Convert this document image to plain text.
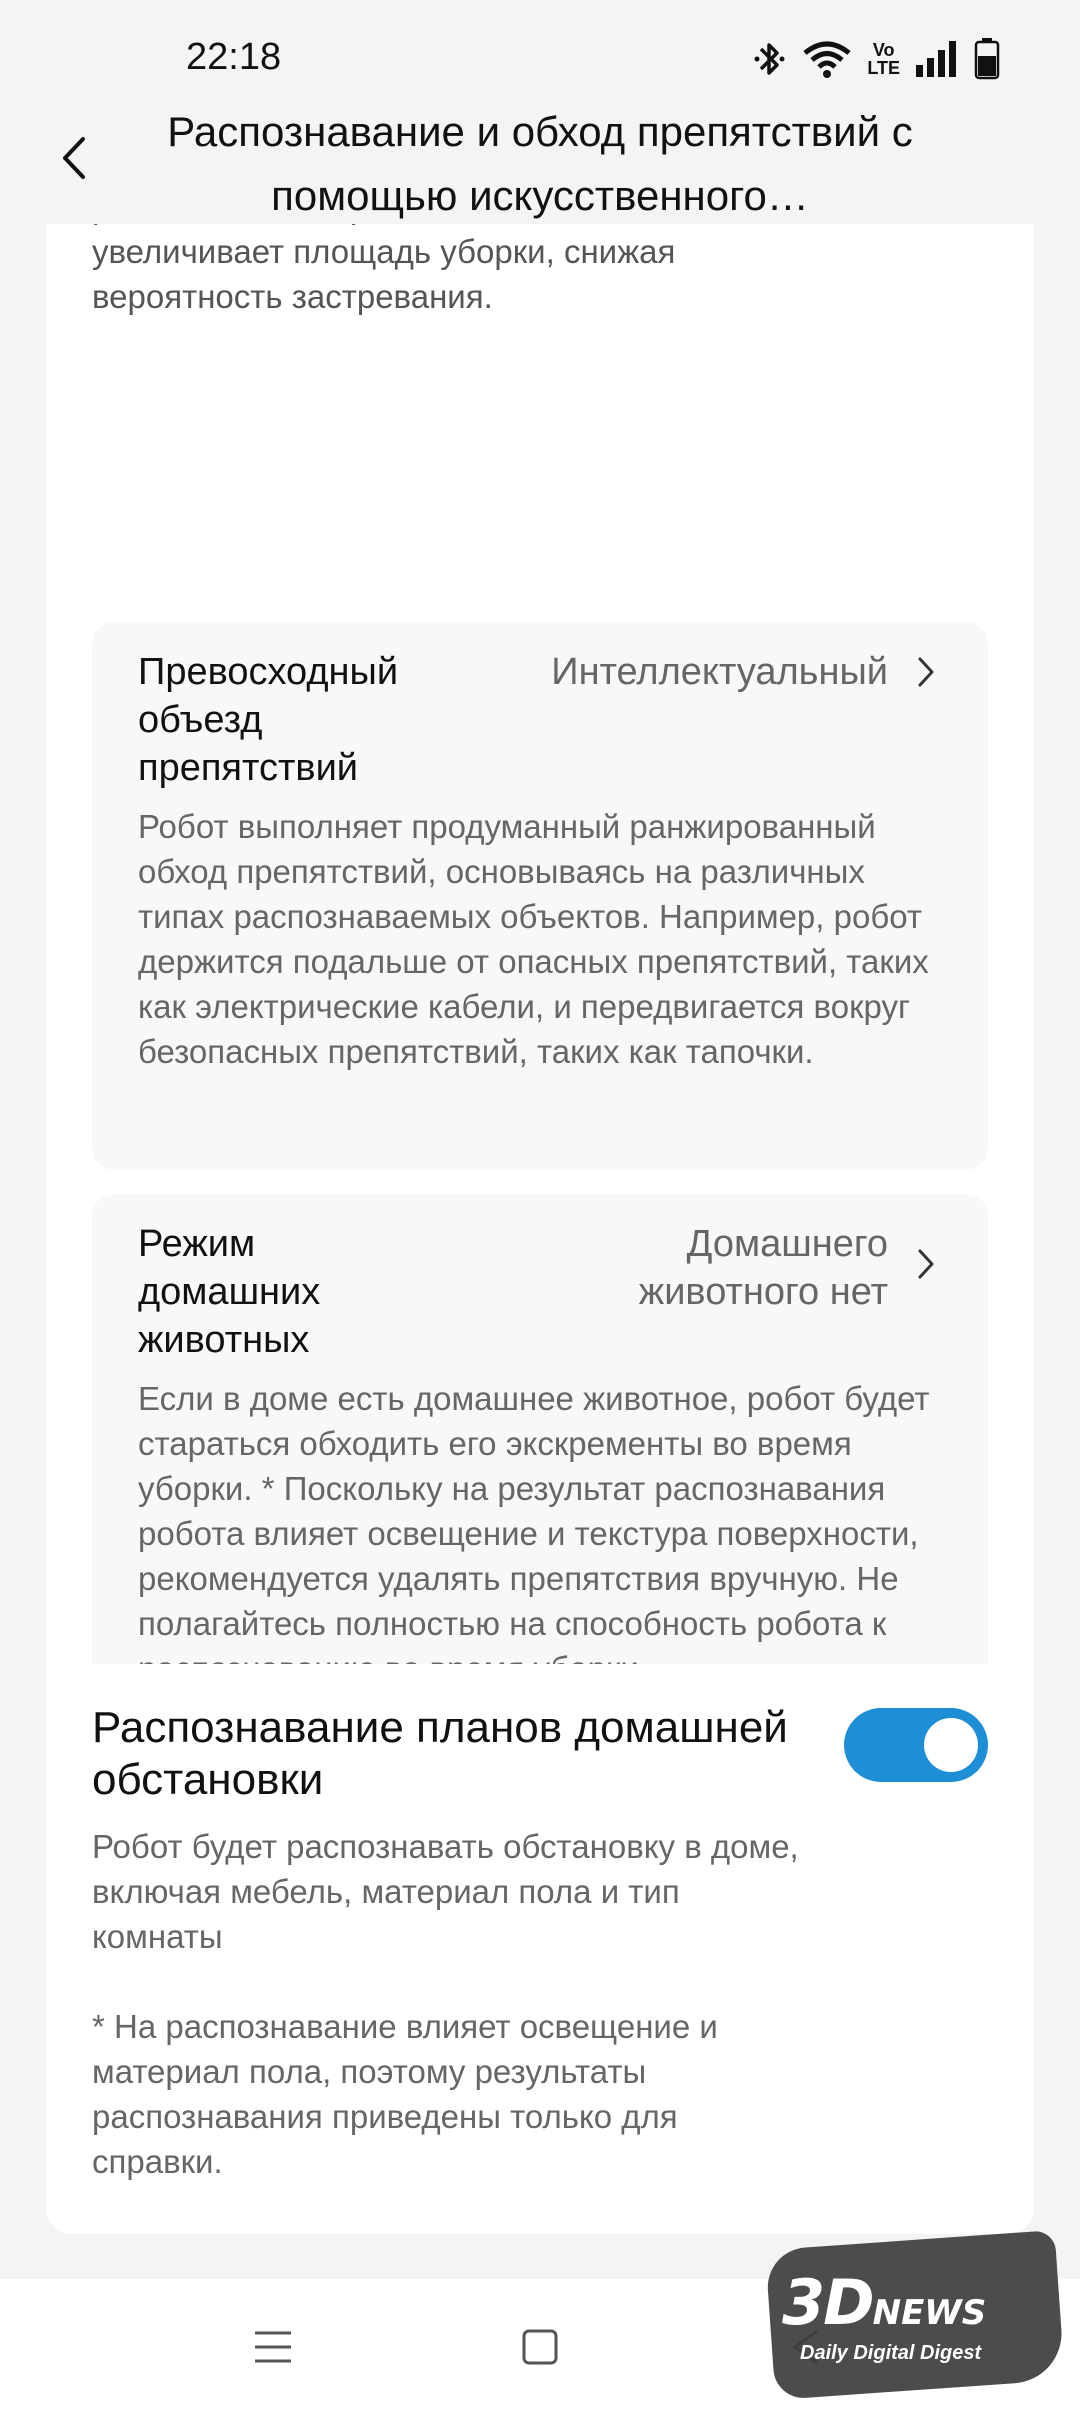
22:18	Vo
LTE
Распознавание и обход препятствий с помощью искусственного…
увеличивает площадь уборки, снижая вероятность застревания.
Превосходный объезд препятствий
Интеллектуальный
Робот выполняет продуманный ранжированный обход препятствий, основываясь на различных типах распознаваемых объектов. Например, робот держится подальше от опасных препятствий, таких как электрические кабели, и передвигается вокруг безопасных препятствий, таких как тапочки.
Режим домашних животных
Домашнего животного нет
Если в доме есть домашнее животное, робот будет стараться обходить его экскременты во время уборки. * Поскольку на результат распознавания робота влияет освещение и текстура поверхности, рекомендуется удалять препятствия вручную. Не полагайтесь полностью на способность робота к
Распознавание планов домашней обстановки
Робот будет распознавать обстановку в доме, включая мебель, материал пола и тип комнаты

* На распознавание влияет освещение и материал пола, поэтому результаты распознавания приведены только для справки.
3DNEWS
Daily Digital Digest
